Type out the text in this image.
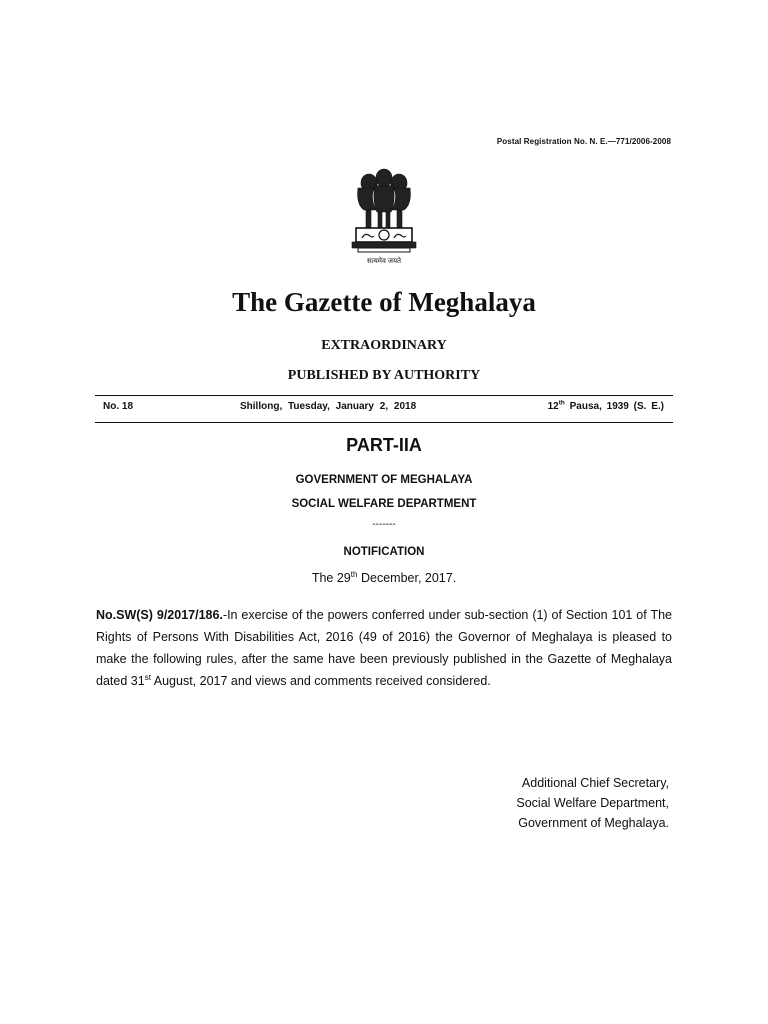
Postal Registration No. N. E.—771/2006-2008
सत्यमेव जयते
The Gazette of Meghalaya
EXTRAORDINARY
PUBLISHED BY AUTHORITY
No. 18	Shillong, Tuesday, January 2, 2018	12th Pausa, 1939 (S. E.)
PART-IIA
GOVERNMENT OF MEGHALAYA
SOCIAL WELFARE DEPARTMENT
-------
NOTIFICATION
The 29th December, 2017.
No.SW(S) 9/2017/186.-In exercise of the powers conferred under sub-section (1) of Section 101 of The Rights of Persons With Disabilities Act, 2016 (49 of 2016) the Governor of Meghalaya is pleased to make the following rules, after the same have been previously published in the Gazette of Meghalaya dated 31st August, 2017 and views and comments received considered.
Additional Chief Secretary,
Social Welfare Department,
Government of Meghalaya.
